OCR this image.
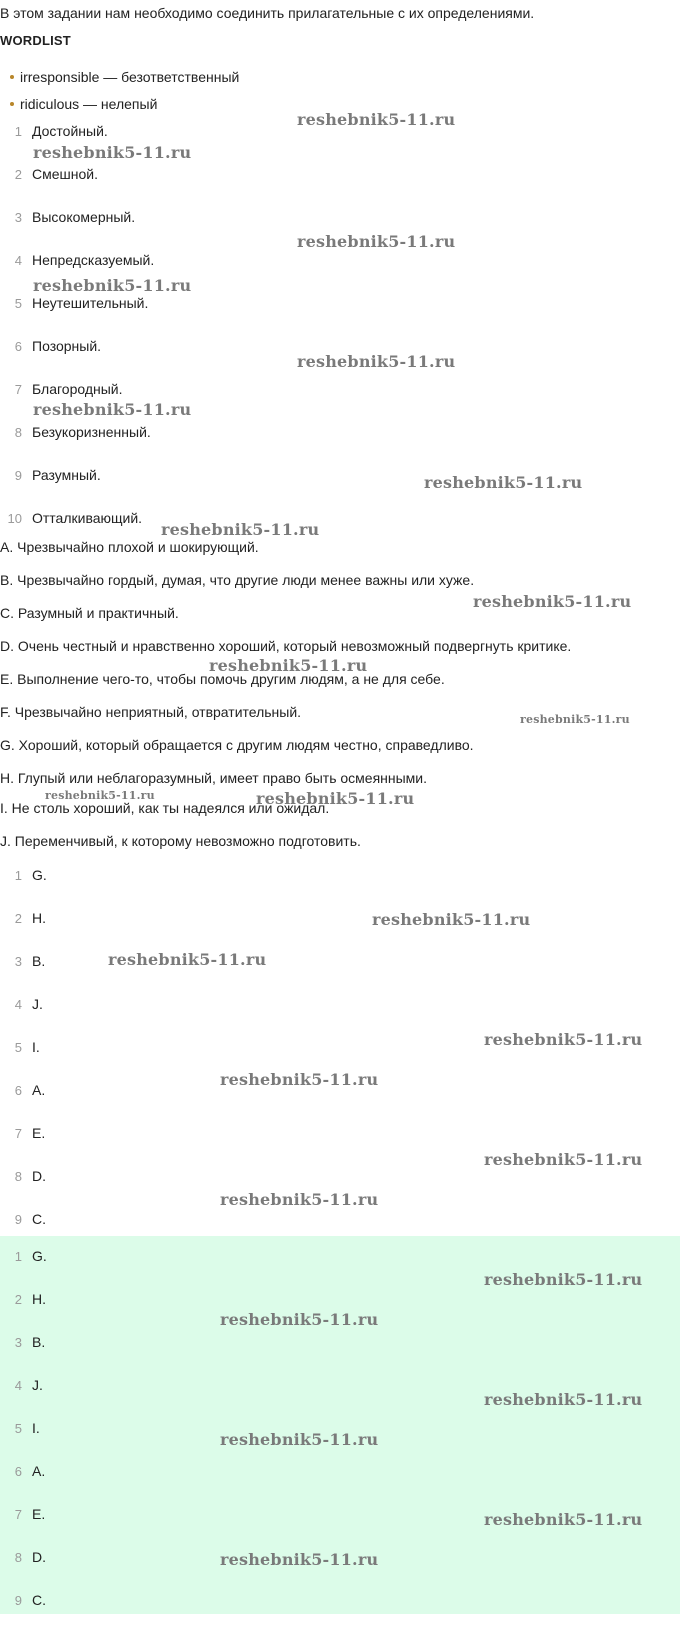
В этом задании нам необходимо соединить прилагательные с их определениями.
WORDLIST
irresponsible — безответственный
ridiculous — нелепый
1 Достойный.
2 Смешной.
3 Высокомерный.
4 Непредсказуемый.
5 Неутешительный.
6 Позорный.
7 Благородный.
8 Безукоризненный.
9 Разумный.
10 Отталкивающий.
A. Чрезвычайно плохой и шокирующий.
B. Чрезвычайно гордый, думая, что другие люди менее важны или хуже.
C. Разумный и практичный.
D. Очень честный и нравственно хороший, который невозможный подвергнуть критике.
E. Выполнение чего-то, чтобы помочь другим людям, а не для себе.
F. Чрезвычайно неприятный, отвратительный.
G. Хороший, который обращается с другим людям честно, справедливо.
H. Глупый или неблагоразумный, имеет право быть осмеянными.
I. Не столь хороший, как ты надеялся или ожидал.
J. Переменчивый, к которому невозможно подготовить.
1 G.
2 H.
3 B.
4 J.
5 I.
6 A.
7 E.
8 D.
9 C.
1 G.
2 H.
3 B.
4 J.
5 I.
6 A.
7 E.
8 D.
9 C.
reshebnik5-11.ru
reshebnik5-11.ru
reshebnik5-11.ru
reshebnik5-11.ru
reshebnik5-11.ru
reshebnik5-11.ru
reshebnik5-11.ru
reshebnik5-11.ru
reshebnik5-11.ru
reshebnik5-11.ru
reshebnik5-11.ru
reshebnik5-11.ru	reshebnik5-11.ru
reshebnik5-11.ru
reshebnik5-11.ru
reshebnik5-11.ru
reshebnik5-11.ru
reshebnik5-11.ru
reshebnik5-11.ru
reshebnik5-11.ru
reshebnik5-11.ru
reshebnik5-11.ru
reshebnik5-11.ru
reshebnik5-11.ru
reshebnik5-11.ru
